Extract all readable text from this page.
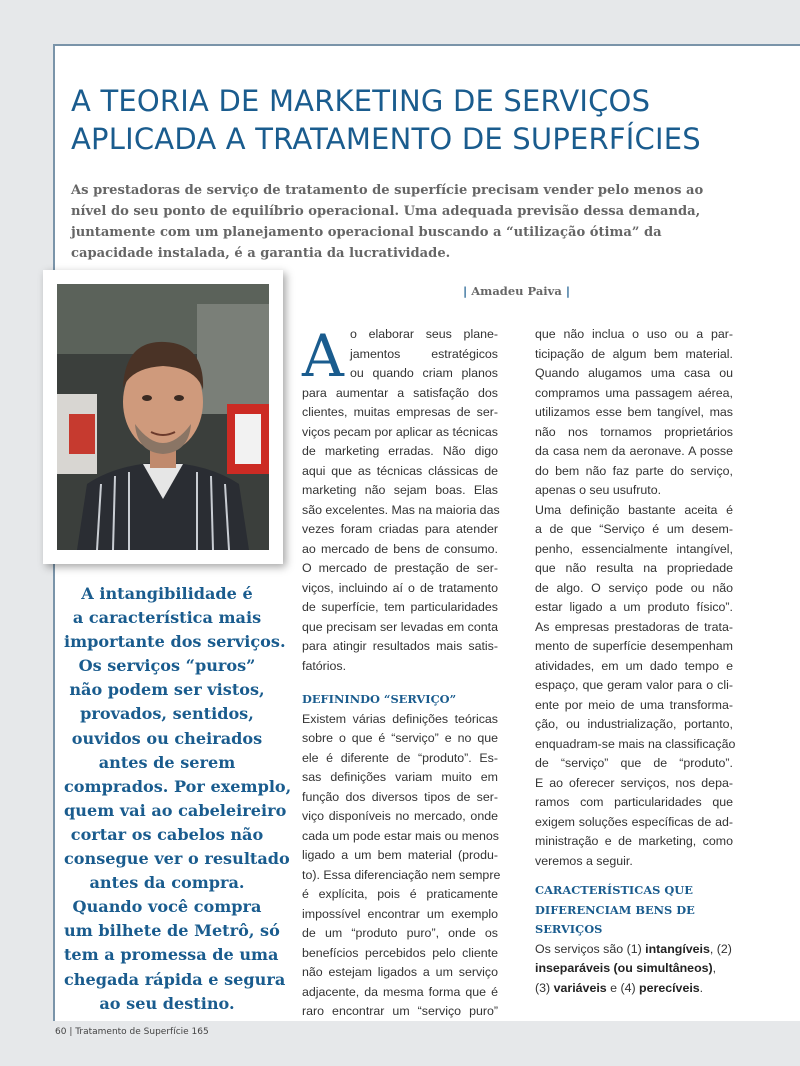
A TEORIA DE MARKETING DE SERVIÇOS
APLICADA A TRATAMENTO DE SUPERFÍCIES

As prestadoras de serviço de tratamento de superfície precisam vender pelo menos ao nível do seu ponto de equilíbrio operacional. Uma adequada previsão dessa demanda, juntamente com um planejamento operacional buscando a “utilização ótima” da capacidade instalada, é a garantia da lucratividade.

| Amadeu Paiva |
A intangibilidade é
a característica mais
importante dos serviços.
Os serviços “puros”
não podem ser vistos,
provados, sentidos,
ouvidos ou cheirados
antes de serem
comprados. Por exemplo,
quem vai ao cabeleireiro
cortar os cabelos não
consegue ver o resultado
antes da compra.
Quando você compra
um bilhete de Metrô, só
tem a promessa de uma
chegada rápida e segura
ao seu destino.
A o elaborar seus plane-
jamentos estratégicos
ou quando criam planos
para aumentar a satisfação dos
clientes, muitas empresas de ser-
viços pecam por aplicar as técnicas
de marketing erradas. Não digo
aqui que as técnicas clássicas de
marketing não sejam boas. Elas
são excelentes. Mas na maioria das
vezes foram criadas para atender
ao mercado de bens de consumo.
O mercado de prestação de ser-
viços, incluindo aí o de tratamento
de superfície, tem particularidades
que precisam ser levadas em conta
para atingir resultados mais satis-
fatórios.
DEFININDO “SERVIÇO”
Existem várias definições teóricas
sobre o que é “serviço” e no que
ele é diferente de “produto”. Es-
sas definições variam muito em
função dos diversos tipos de ser-
viço disponíveis no mercado, onde
cada um pode estar mais ou menos
ligado a um bem material (produ-
to). Essa diferenciação nem sempre
é explícita, pois é praticamente
impossível encontrar um exemplo
de um “produto puro”, onde os
benefícios percebidos pelo cliente
não estejam ligados a um serviço
adjacente, da mesma forma que é
raro encontrar um “serviço puro”
que não inclua o uso ou a par-
ticipação de algum bem material.
Quando alugamos uma casa ou
compramos uma passagem aérea,
utilizamos esse bem tangível, mas
não nos tornamos proprietários
da casa nem da aeronave. A posse
do bem não faz parte do serviço,
apenas o seu usufruto.
Uma definição bastante aceita é
a de que “Serviço é um desem-
penho, essencialmente intangível,
que não resulta na propriedade
de algo. O serviço pode ou não
estar ligado a um produto físico”.
As empresas prestadoras de trata-
mento de superfície desempenham
atividades, em um dado tempo e
espaço, que geram valor para o cli-
ente por meio de uma transforma-
ção, ou industrialização, portanto,
enquadram-se mais na classificação
de “serviço” que de “produto”.
E ao oferecer serviços, nos depa-
ramos com particularidades que
exigem soluções específicas de ad-
ministração e de marketing, como
veremos a seguir.
CARACTERÍSTICAS QUE
DIFERENCIAM BENS DE
SERVIÇOS
Os serviços são (1) intangíveis, (2) inseparáveis (ou simultâneos), (3) variáveis e (4) perecíveis.
60 | Tratamento de Superfície 165
